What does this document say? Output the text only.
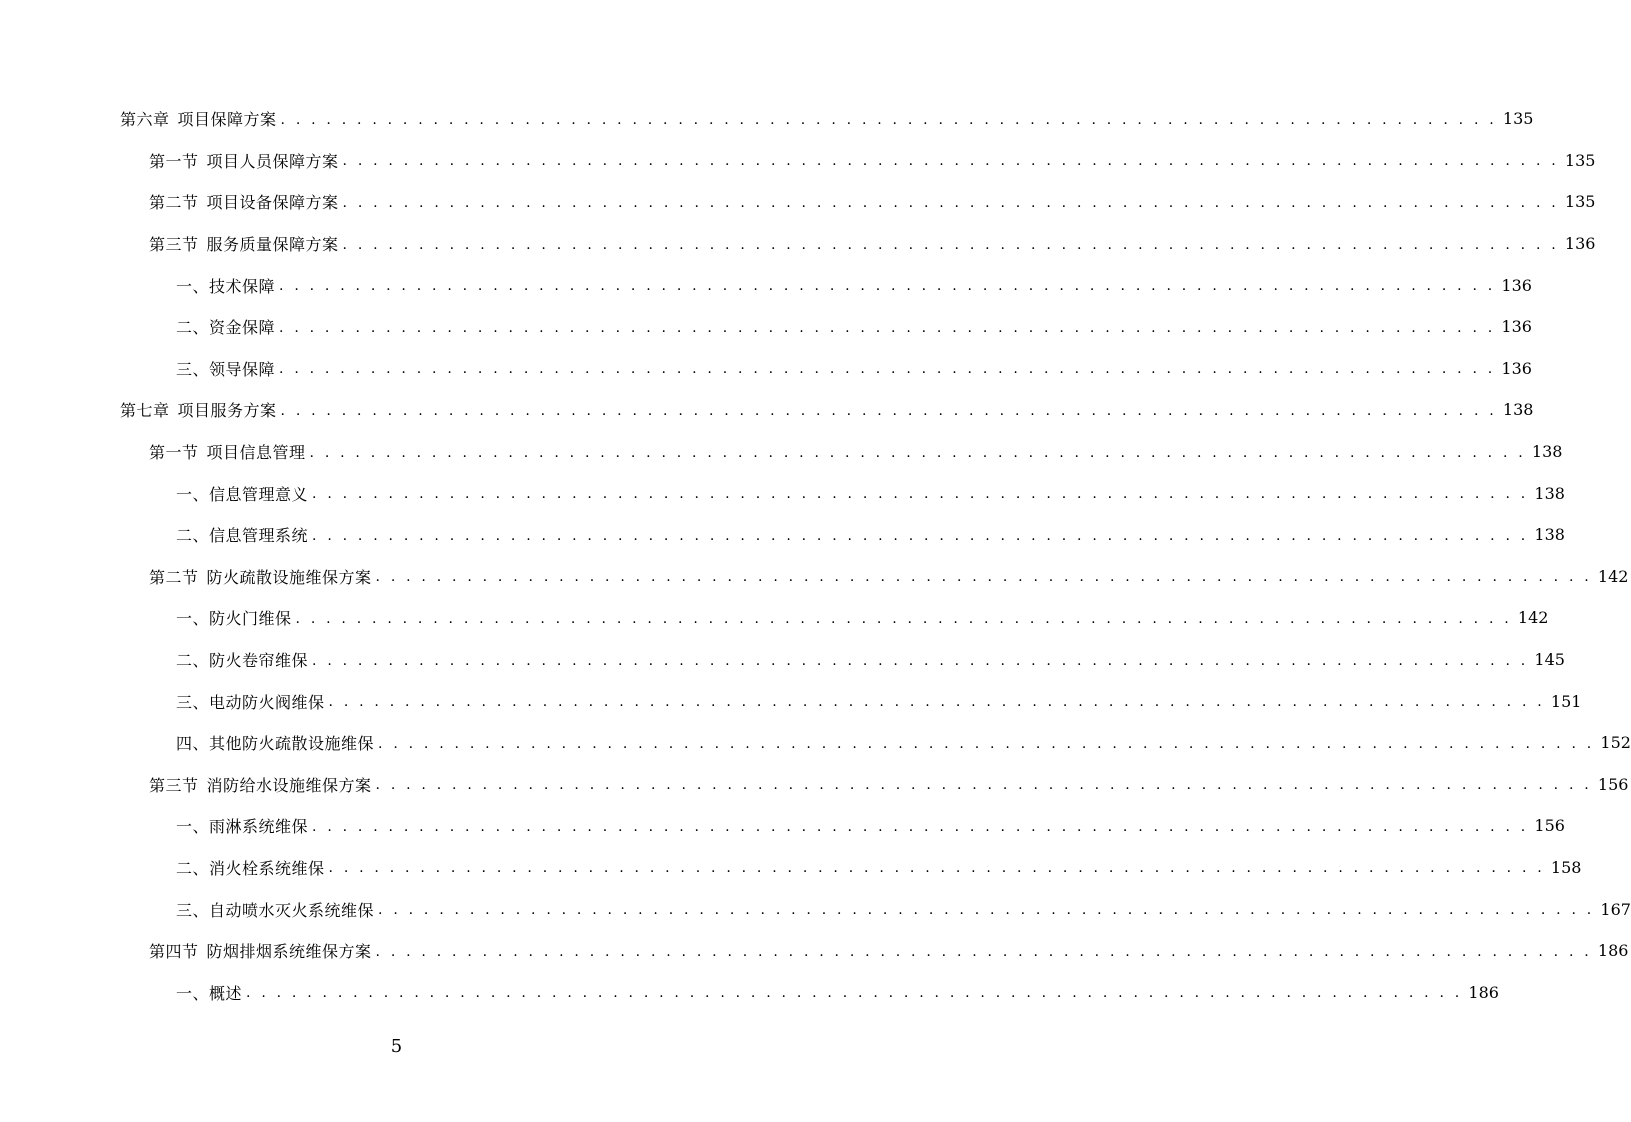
第六章 项目保障方案 . . . . . . . . . . . . . . . . . . . . . . . . . . . . . . . . . . . . . . . . . . . . . . . . . . . . . . . . . . . . . . . . . . . . . . . . . . . . . . . . 135
第一节 项目人员保障方案 . . . . . . . . . . . . . . . . . . . . . . . . . . . . . . . . . . . . . . . . . . . . . . . . . . . . . . . . . . . . . . . . . . . . . . . . . . . . . . . . 135
第二节 项目设备保障方案 . . . . . . . . . . . . . . . . . . . . . . . . . . . . . . . . . . . . . . . . . . . . . . . . . . . . . . . . . . . . . . . . . . . . . . . . . . . . . . . . 135
第三节 服务质量保障方案 . . . . . . . . . . . . . . . . . . . . . . . . . . . . . . . . . . . . . . . . . . . . . . . . . . . . . . . . . . . . . . . . . . . . . . . . . . . . . . . . 136
一、技术保障 . . . . . . . . . . . . . . . . . . . . . . . . . . . . . . . . . . . . . . . . . . . . . . . . . . . . . . . . . . . . . . . . . . . . . . . . . . . . . . . . 136
二、资金保障 . . . . . . . . . . . . . . . . . . . . . . . . . . . . . . . . . . . . . . . . . . . . . . . . . . . . . . . . . . . . . . . . . . . . . . . . . . . . . . . . 136
三、领导保障 . . . . . . . . . . . . . . . . . . . . . . . . . . . . . . . . . . . . . . . . . . . . . . . . . . . . . . . . . . . . . . . . . . . . . . . . . . . . . . . . 136
第七章 项目服务方案 . . . . . . . . . . . . . . . . . . . . . . . . . . . . . . . . . . . . . . . . . . . . . . . . . . . . . . . . . . . . . . . . . . . . . . . . . . . . . . . . 138
第一节 项目信息管理 . . . . . . . . . . . . . . . . . . . . . . . . . . . . . . . . . . . . . . . . . . . . . . . . . . . . . . . . . . . . . . . . . . . . . . . . . . . . . . . . 138
一、信息管理意义 . . . . . . . . . . . . . . . . . . . . . . . . . . . . . . . . . . . . . . . . . . . . . . . . . . . . . . . . . . . . . . . . . . . . . . . . . . . . . . . . 138
二、信息管理系统 . . . . . . . . . . . . . . . . . . . . . . . . . . . . . . . . . . . . . . . . . . . . . . . . . . . . . . . . . . . . . . . . . . . . . . . . . . . . . . . . 138
第二节 防火疏散设施维保方案 . . . . . . . . . . . . . . . . . . . . . . . . . . . . . . . . . . . . . . . . . . . . . . . . . . . . . . . . . . . . . . . . . . . . . . . . . . . . . . . . 142
一、防火门维保 . . . . . . . . . . . . . . . . . . . . . . . . . . . . . . . . . . . . . . . . . . . . . . . . . . . . . . . . . . . . . . . . . . . . . . . . . . . . . . . . 142
二、防火卷帘维保 . . . . . . . . . . . . . . . . . . . . . . . . . . . . . . . . . . . . . . . . . . . . . . . . . . . . . . . . . . . . . . . . . . . . . . . . . . . . . . . . 145
三、电动防火阀维保 . . . . . . . . . . . . . . . . . . . . . . . . . . . . . . . . . . . . . . . . . . . . . . . . . . . . . . . . . . . . . . . . . . . . . . . . . . . . . . . . 151
四、其他防火疏散设施维保 . . . . . . . . . . . . . . . . . . . . . . . . . . . . . . . . . . . . . . . . . . . . . . . . . . . . . . . . . . . . . . . . . . . . . . . . . . . . . . . . 152
第三节 消防给水设施维保方案 . . . . . . . . . . . . . . . . . . . . . . . . . . . . . . . . . . . . . . . . . . . . . . . . . . . . . . . . . . . . . . . . . . . . . . . . . . . . . . . . 156
一、雨淋系统维保 . . . . . . . . . . . . . . . . . . . . . . . . . . . . . . . . . . . . . . . . . . . . . . . . . . . . . . . . . . . . . . . . . . . . . . . . . . . . . . . . 156
二、消火栓系统维保 . . . . . . . . . . . . . . . . . . . . . . . . . . . . . . . . . . . . . . . . . . . . . . . . . . . . . . . . . . . . . . . . . . . . . . . . . . . . . . . . 158
三、自动喷水灭火系统维保 . . . . . . . . . . . . . . . . . . . . . . . . . . . . . . . . . . . . . . . . . . . . . . . . . . . . . . . . . . . . . . . . . . . . . . . . . . . . . . . . 167
第四节 防烟排烟系统维保方案 . . . . . . . . . . . . . . . . . . . . . . . . . . . . . . . . . . . . . . . . . . . . . . . . . . . . . . . . . . . . . . . . . . . . . . . . . . . . . . . . 186
一、概述 . . . . . . . . . . . . . . . . . . . . . . . . . . . . . . . . . . . . . . . . . . . . . . . . . . . . . . . . . . . . . . . . . . . . . . . . . . . . . . . . 186
5
